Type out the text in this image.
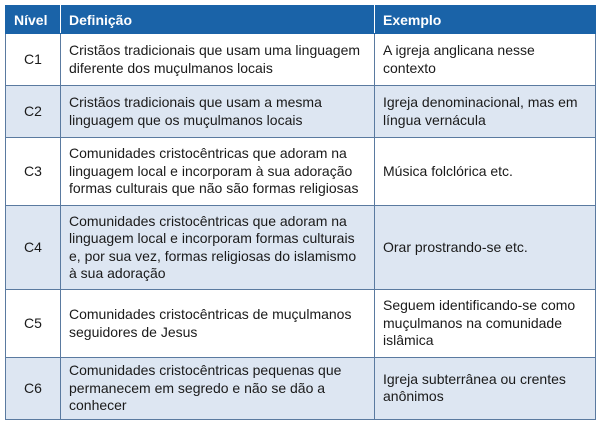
Nível	Definição	Exemplo
C1	Cristãos tradicionais que usam uma linguagem diferente dos muçulmanos locais	A igreja anglicana nesse contexto
C2	Cristãos tradicionais que usam a mesma linguagem que os muçulmanos locais	Igreja denominacional, mas em língua vernácula
C3	Comunidades cristocêntricas que adoram na linguagem local e incorporam à sua adoração formas culturais que não são formas religiosas	Música folclórica etc.
C4	Comunidades cristocêntricas que adoram na linguagem local e incorporam formas culturais e, por sua vez, formas religiosas do islamismo à sua adoração	Orar prostrando-se etc.
C5	Comunidades cristocêntricas de muçulmanos seguidores de Jesus	Seguem identificando-se como muçulmanos na comunidade islâmica
C6	Comunidades cristocêntricas pequenas que permanecem em segredo e não se dão a conhecer	Igreja subterrânea ou crentes anônimos
